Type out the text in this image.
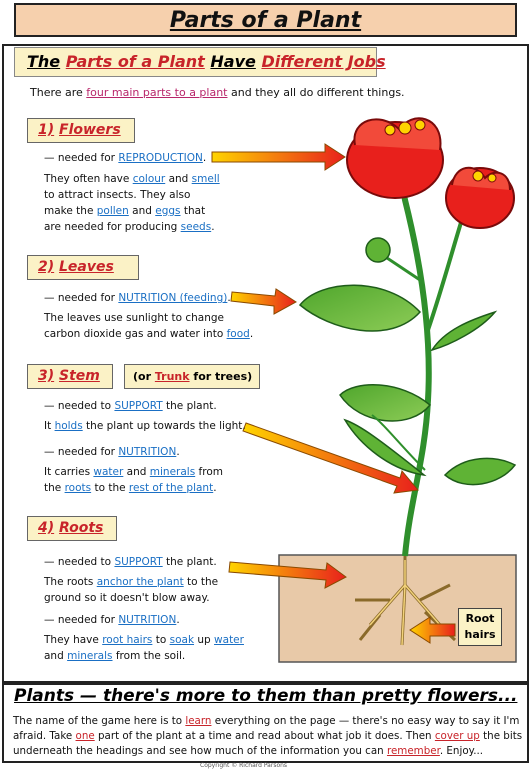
Parts of a Plant
The Parts of a Plant Have Different Jobs
There are four main parts to a plant and they all do different things.
1) Flowers
— needed for REPRODUCTION.
They often have colour and smell
to attract insects. They also
make the pollen and eggs that
are needed for producing seeds.
2) Leaves
— needed for NUTRITION (feeding).
The leaves use sunlight to change
carbon dioxide gas and water into food.
3) Stem	(or Trunk for trees)
— needed to SUPPORT the plant.
It holds the plant up towards the light.
— needed for NUTRITION.
It carries water and minerals from
the roots to the rest of the plant.
4) Roots
— needed to SUPPORT the plant.
The roots anchor the plant to the
ground so it doesn't blow away.
— needed for NUTRITION.
They have root hairs to soak up water
and minerals from the soil.
Root
hairs
Plants — there's more to them than pretty flowers...
The name of the game here is to learn everything on the page — there's no easy way to say it I'm afraid. Take one part of the plant at a time and read about what job it does. Then cover up the bits underneath the headings and see how much of the information you can remember. Enjoy...
Copyright © Richard Parsons
